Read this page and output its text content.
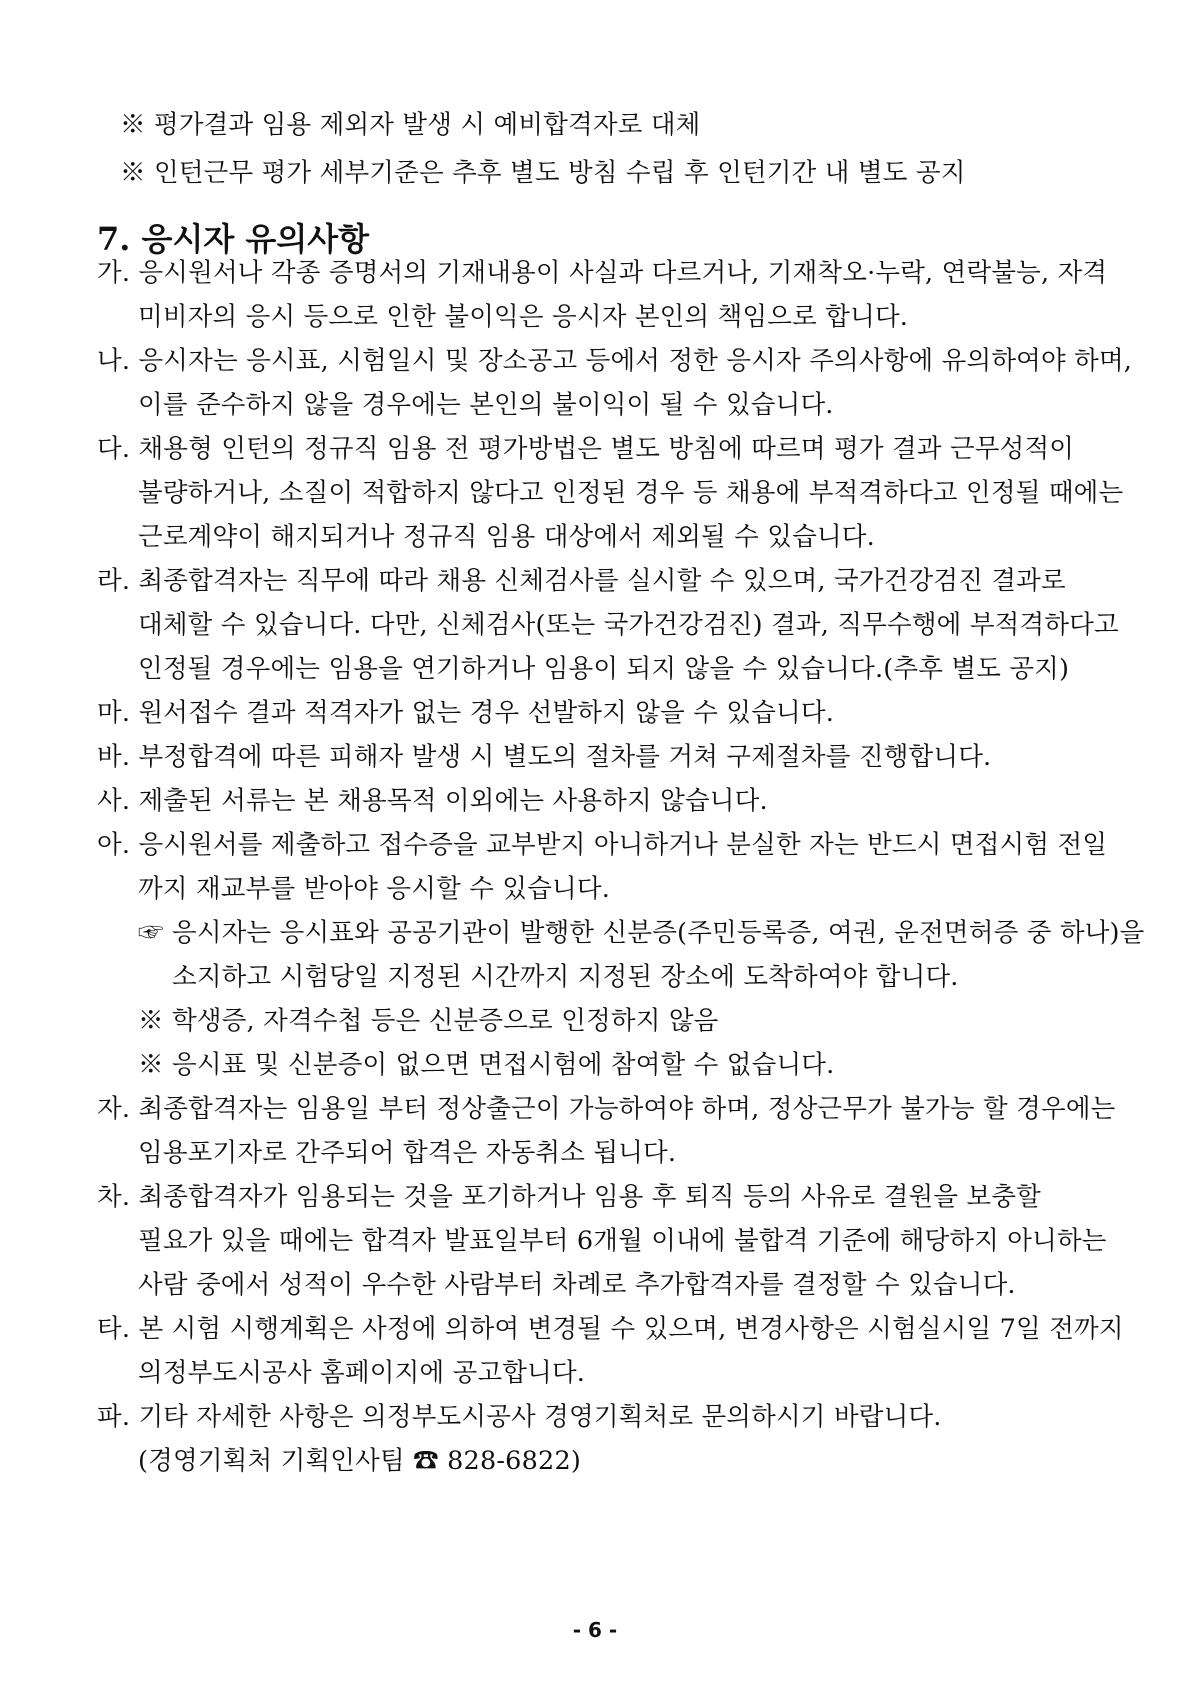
※ 평가결과 임용 제외자 발생 시 예비합격자로 대체
※ 인턴근무 평가 세부기준은 추후 별도 방침 수립 후 인턴기간 내 별도 공지
7. 응시자 유의사항
가. 응시원서나 각종 증명서의 기재내용이 사실과 다르거나, 기재착오·누락, 연락불능, 자격
미비자의 응시 등으로 인한 불이익은 응시자 본인의 책임으로 합니다.
나. 응시자는 응시표, 시험일시 및 장소공고 등에서 정한 응시자 주의사항에 유의하여야 하며,
이를 준수하지 않을 경우에는 본인의 불이익이 될 수 있습니다.
다. 채용형 인턴의 정규직 임용 전 평가방법은 별도 방침에 따르며 평가 결과 근무성적이
불량하거나, 소질이 적합하지 않다고 인정된 경우 등 채용에 부적격하다고 인정될 때에는
근로계약이 해지되거나 정규직 임용 대상에서 제외될 수 있습니다.
라. 최종합격자는 직무에 따라 채용 신체검사를 실시할 수 있으며, 국가건강검진 결과로
대체할 수 있습니다. 다만, 신체검사(또는 국가건강검진) 결과, 직무수행에 부적격하다고
인정될 경우에는 임용을 연기하거나 임용이 되지 않을 수 있습니다.(추후 별도 공지)
마. 원서접수 결과 적격자가 없는 경우 선발하지 않을 수 있습니다.
바. 부정합격에 따른 피해자 발생 시 별도의 절차를 거쳐 구제절차를 진행합니다.
사. 제출된 서류는 본 채용목적 이외에는 사용하지 않습니다.
아. 응시원서를 제출하고 접수증을 교부받지 아니하거나 분실한 자는 반드시 면접시험 전일
까지 재교부를 받아야 응시할 수 있습니다.
☞ 응시자는 응시표와 공공기관이 발행한 신분증(주민등록증, 여권, 운전면허증 중 하나)을
소지하고 시험당일 지정된 시간까지 지정된 장소에 도착하여야 합니다.
※ 학생증, 자격수첩 등은 신분증으로 인정하지 않음
※ 응시표 및 신분증이 없으면 면접시험에 참여할 수 없습니다.
자. 최종합격자는 임용일 부터 정상출근이 가능하여야 하며, 정상근무가 불가능 할 경우에는
임용포기자로 간주되어 합격은 자동취소 됩니다.
차. 최종합격자가 임용되는 것을 포기하거나 임용 후 퇴직 등의 사유로 결원을 보충할
필요가 있을 때에는 합격자 발표일부터 6개월 이내에 불합격 기준에 해당하지 아니하는
사람 중에서 성적이 우수한 사람부터 차례로 추가합격자를 결정할 수 있습니다.
타. 본 시험 시행계획은 사정에 의하여 변경될 수 있으며, 변경사항은 시험실시일 7일 전까지
의정부도시공사 홈페이지에 공고합니다.
파. 기타 자세한 사항은 의정부도시공사 경영기획처로 문의하시기 바랍니다.
(경영기획처 기획인사팀 ☎ 828-6822)
- 6 -
